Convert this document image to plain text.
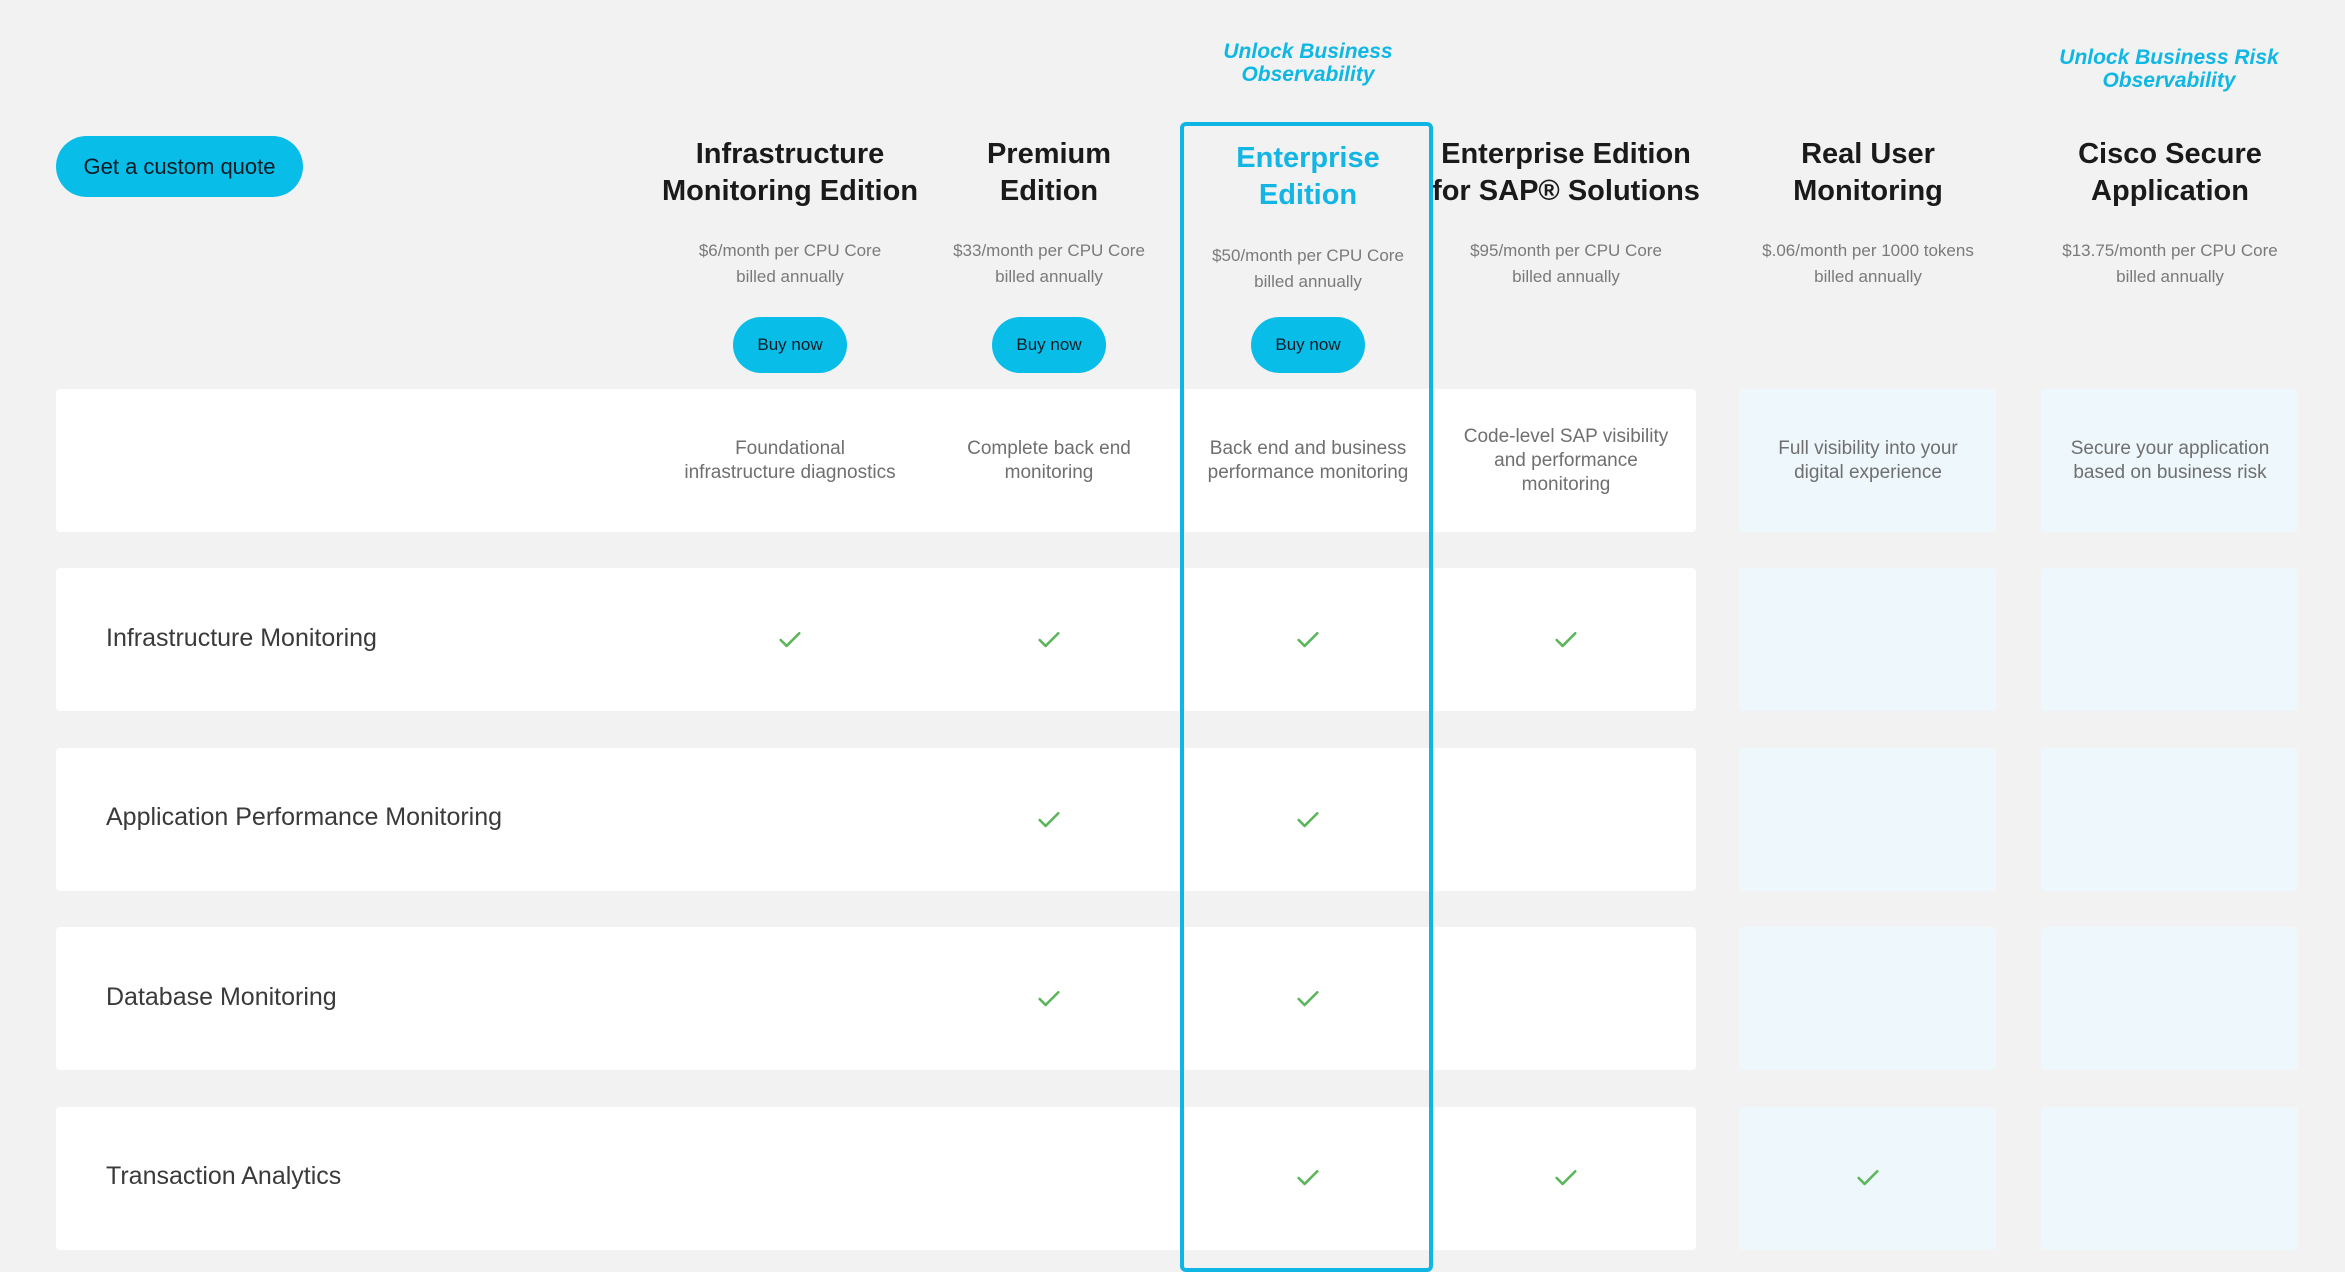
Unlock Business
Observability
Unlock Business Risk
Observability
Get a custom quote	Infrastructure
Monitoring Edition
$6/month per CPU Core
billed annually
Buy now
Premium
Edition
$33/month per CPU Core
billed annually
Buy now
Enterprise
Edition
$50/month per CPU Core
billed annually
Buy now
Enterprise Edition
for SAP® Solutions
$95/month per CPU Core
billed annually
Real User
Monitoring
$.06/month per 1000 tokens
billed annually
Cisco Secure
Application
$13.75/month per CPU Core
billed annually
Foundational
infrastructure diagnostics
Complete back end
monitoring
Back end and business
performance monitoring
Code-level SAP visibility
and performance
monitoring
Full visibility into your
digital experience
Secure your application
based on business risk
Infrastructure Monitoring
Application Performance Monitoring
Database Monitoring
Transaction Analytics
